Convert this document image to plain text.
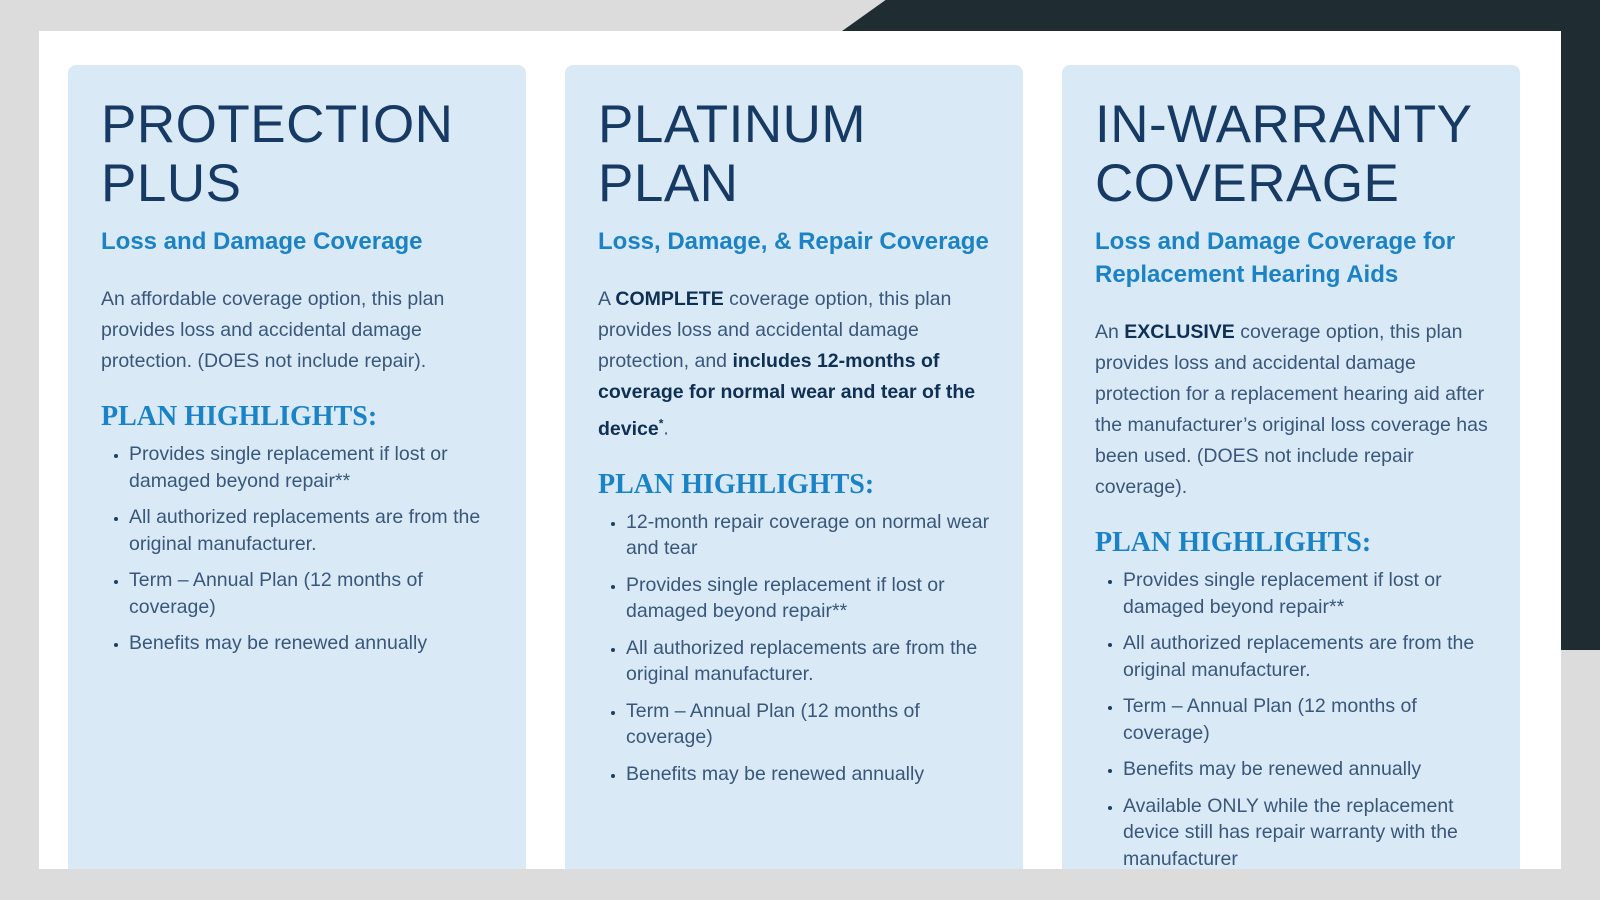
PROTECTION
PLUS
Loss and Damage Coverage

An affordable coverage option, this plan provides loss and accidental damage protection. (DOES not include repair).

PLAN HIGHLIGHTS:
• Provides single replacement if lost or damaged beyond repair**
• All authorized replacements are from the original manufacturer.
• Term – Annual Plan (12 months of coverage)
• Benefits may be renewed annually
PLATINUM
PLAN
Loss, Damage, & Repair Coverage

A COMPLETE coverage option, this plan provides loss and accidental damage protection, and includes 12-months of coverage for normal wear and tear of the device*.

PLAN HIGHLIGHTS:
• 12-month repair coverage on normal wear and tear
• Provides single replacement if lost or damaged beyond repair**
• All authorized replacements are from the original manufacturer.
• Term – Annual Plan (12 months of coverage)
• Benefits may be renewed annually
IN-WARRANTY
COVERAGE
Loss and Damage Coverage for Replacement Hearing Aids

An EXCLUSIVE coverage option, this plan provides loss and accidental damage protection for a replacement hearing aid after the manufacturer’s original loss coverage has been used. (DOES not include repair coverage).

PLAN HIGHLIGHTS:
• Provides single replacement if lost or damaged beyond repair**
• All authorized replacements are from the original manufacturer.
• Term – Annual Plan (12 months of coverage)
• Benefits may be renewed annually
• Available ONLY while the replacement device still has repair warranty with the manufacturer
